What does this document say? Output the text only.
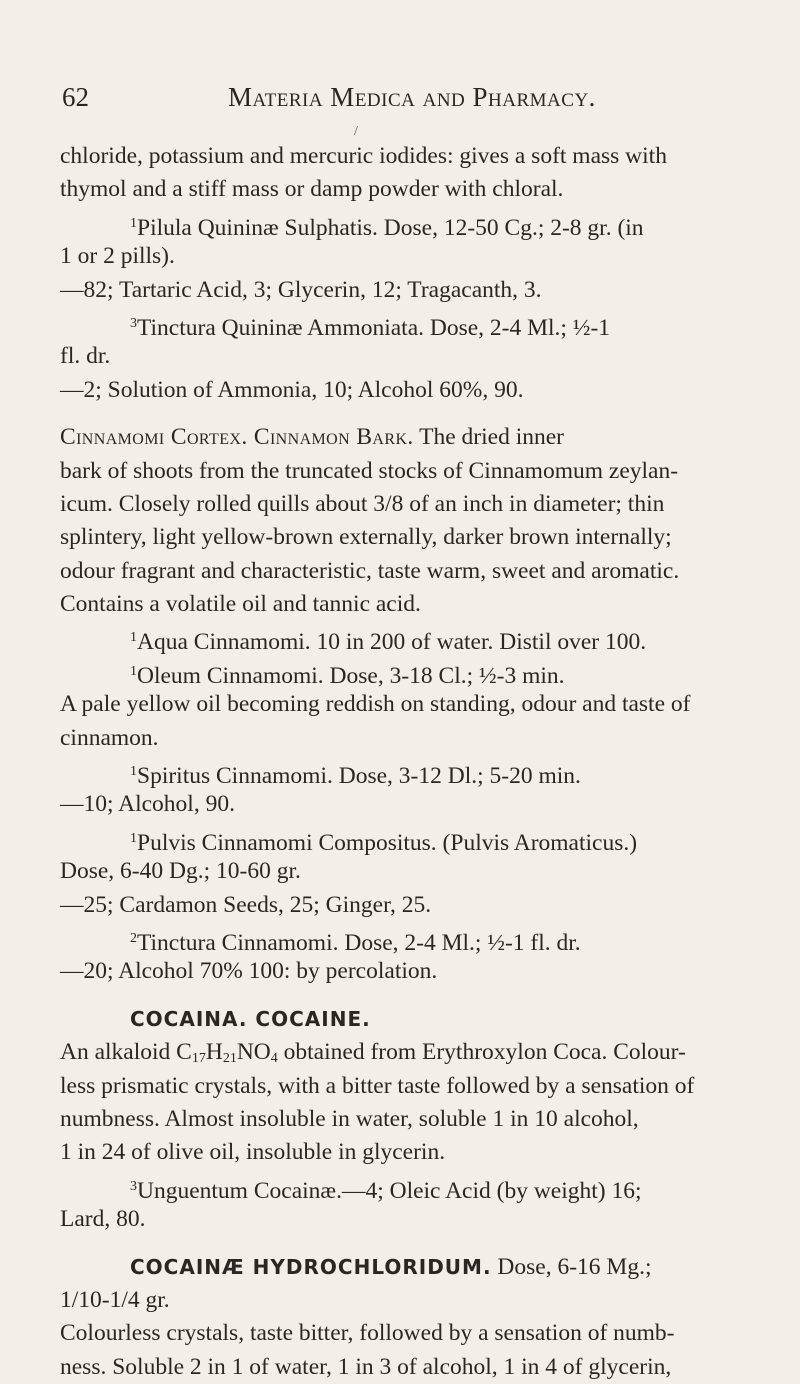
62	Materia Medica and Pharmacy.
/
chloride, potassium and mercuric iodides: gives a soft mass with
thymol and a stiff mass or damp powder with chloral.
$^1$Pilula Quininæ Sulphatis. Dose, 12-50 Cg.; 2-8 gr. (in
1 or 2 pills).
—82; Tartaric Acid, 3; Glycerin, 12; Tragacanth, 3.
$^3$Tinctura Quininæ Ammoniata. Dose, 2-4 Ml.; ½-1
fl. dr.
—2; Solution of Ammonia, 10; Alcohol 60%, 90.
Cinnamomi Cortex. Cinnamon Bark. The dried inner
bark of shoots from the truncated stocks of Cinnamomum zeylan-
icum. Closely rolled quills about 3/8 of an inch in diameter; thin
splintery, light yellow-brown externally, darker brown internally;
odour fragrant and characteristic, taste warm, sweet and aromatic.
Contains a volatile oil and tannic acid.
$^1$Aqua Cinnamomi. 10 in 200 of water. Distil over 100.
$^1$Oleum Cinnamomi. Dose, 3-18 Cl.; ½-3 min.
A pale yellow oil becoming reddish on standing, odour and taste of
cinnamon.
$^1$Spiritus Cinnamomi. Dose, 3-12 Dl.; 5-20 min.
—10; Alcohol, 90.
$^1$Pulvis Cinnamomi Compositus. (Pulvis Aromaticus.)
Dose, 6-40 Dg.; 10-60 gr.
—25; Cardamon Seeds, 25; Ginger, 25.
$^2$Tinctura Cinnamomi. Dose, 2-4 Ml.; ½-1 fl. dr.
—20; Alcohol 70% 100: by percolation.
COCAINA. COCAINE.
An alkaloid $C_{17}H_{21}NO_4$ obtained from Erythroxylon Coca. Colour-
less prismatic crystals, with a bitter taste followed by a sensation of
numbness. Almost insoluble in water, soluble 1 in 10 alcohol,
1 in 24 of olive oil, insoluble in glycerin.
$^3$Unguentum Cocainæ.—4; Oleic Acid (by weight) 16;
Lard, 80.
COCAINÆ HYDROCHLORIDUM. Dose, 6-16 Mg.;
1/10-1/4 gr.
Colourless crystals, taste bitter, followed by a sensation of numb-
ness. Soluble 2 in 1 of water, 1 in 3 of alcohol, 1 in 4 of glycerin,
